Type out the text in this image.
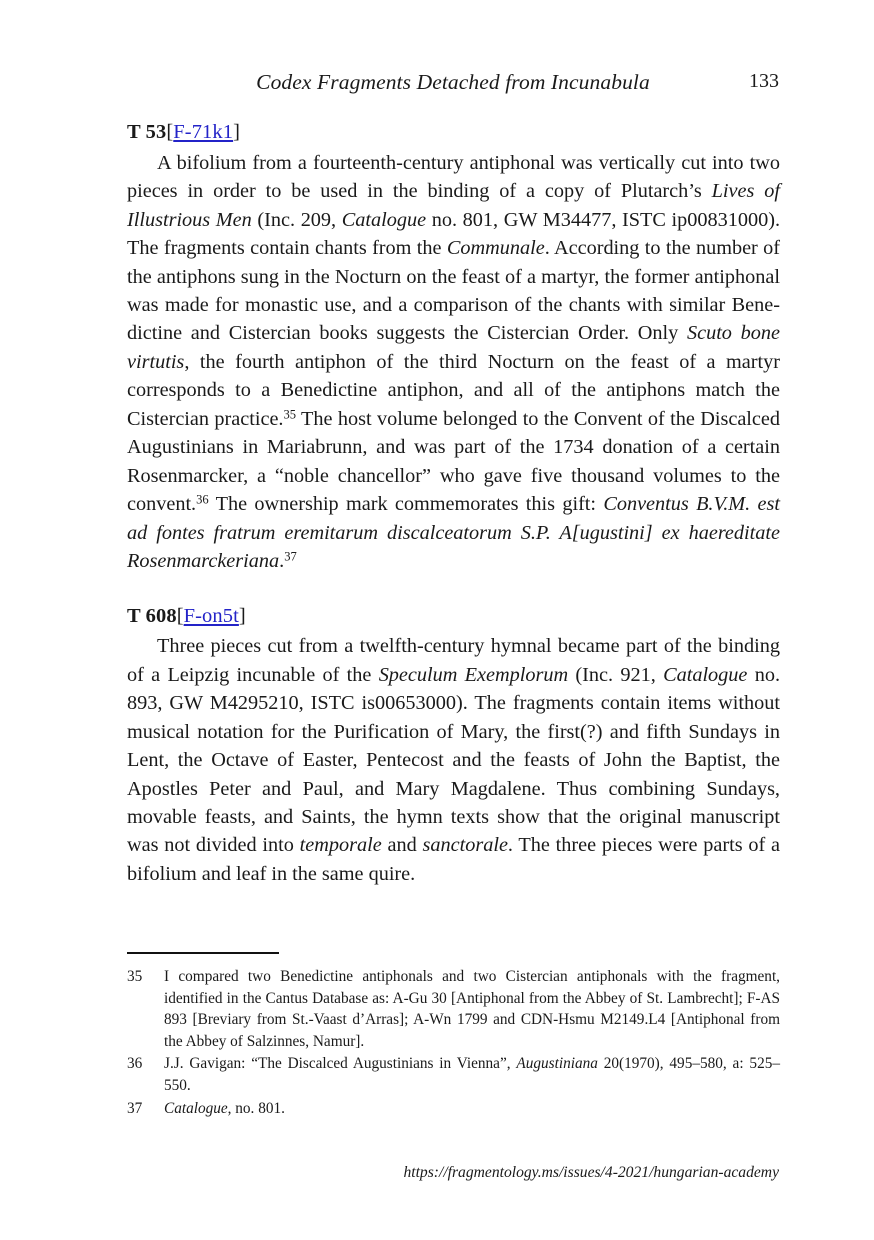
Codex Fragments Detached from Incunabula	133
T 53[F-71k1]

A bifolium from a fourteenth-century antiphonal was vertically cut into two pieces in order to be used in the binding of a copy of Plutarch’s Lives of Illustrious Men (Inc. 209, Catalogue no. 801, GW M34477, ISTC ip00831000). The fragments contain chants from the Communale. According to the number of the antiphons sung in the Nocturn on the feast of a martyr, the former antiphonal was made for monastic use, and a comparison of the chants with similar Benedictine and Cistercian books suggests the Cistercian Order. Only Scuto bone virtutis, the fourth antiphon of the third Nocturn on the feast of a martyr corresponds to a Benedictine antiphon, and all of the antiphons match the Cistercian practice.$^{35}$ The host volume belonged to the Convent of the Discalced Augustinians in Mariabrunn, and was part of the 1734 donation of a certain Rosenmarcker, a “noble chancellor” who gave five thousand volumes to the convent.$^{36}$ The ownership mark commemorates this gift: Conventus B.V.M. est ad fontes fratrum eremitarum discalceatorum S.P. A[ugustini] ex haereditate Rosenmarckeriana.$^{37}$

T 608[F-on5t]

Three pieces cut from a twelfth-century hymnal became part of the binding of a Leipzig incunable of the Speculum Exemplorum (Inc. 921, Catalogue no. 893, GW M4295210, ISTC is00653000). The fragments contain items without musical notation for the Purification of Mary, the first(?) and fifth Sundays in Lent, the Octave of Easter, Pentecost and the feasts of John the Baptist, the Apostles Peter and Paul, and Mary Magdalene. Thus combining Sundays, movable feasts, and Saints, the hymn texts show that the original manuscript was not divided into temporale and sanctorale. The three pieces were parts of a bifolium and leaf in the same quire.

35	I compared two Benedictine antiphonals and two Cistercian antiphonals with the fragment, identified in the Cantus Database as: A-Gu 30 [Antiphonal from the Abbey of St. Lambrecht]; F-AS 893 [Breviary from St.-Vaast d’Arras]; A-Wn 1799 and CDN-Hsmu M2149.L4 [Antiphonal from the Abbey of Salzinnes, Namur].
36	J.J. Gavigan: “The Discalced Augustinians in Vienna”, Augustiniana 20(1970), 495–580, a: 525–550.
37	Catalogue, no. 801.
https://fragmentology.ms/issues/4-2021/hungarian-academy
